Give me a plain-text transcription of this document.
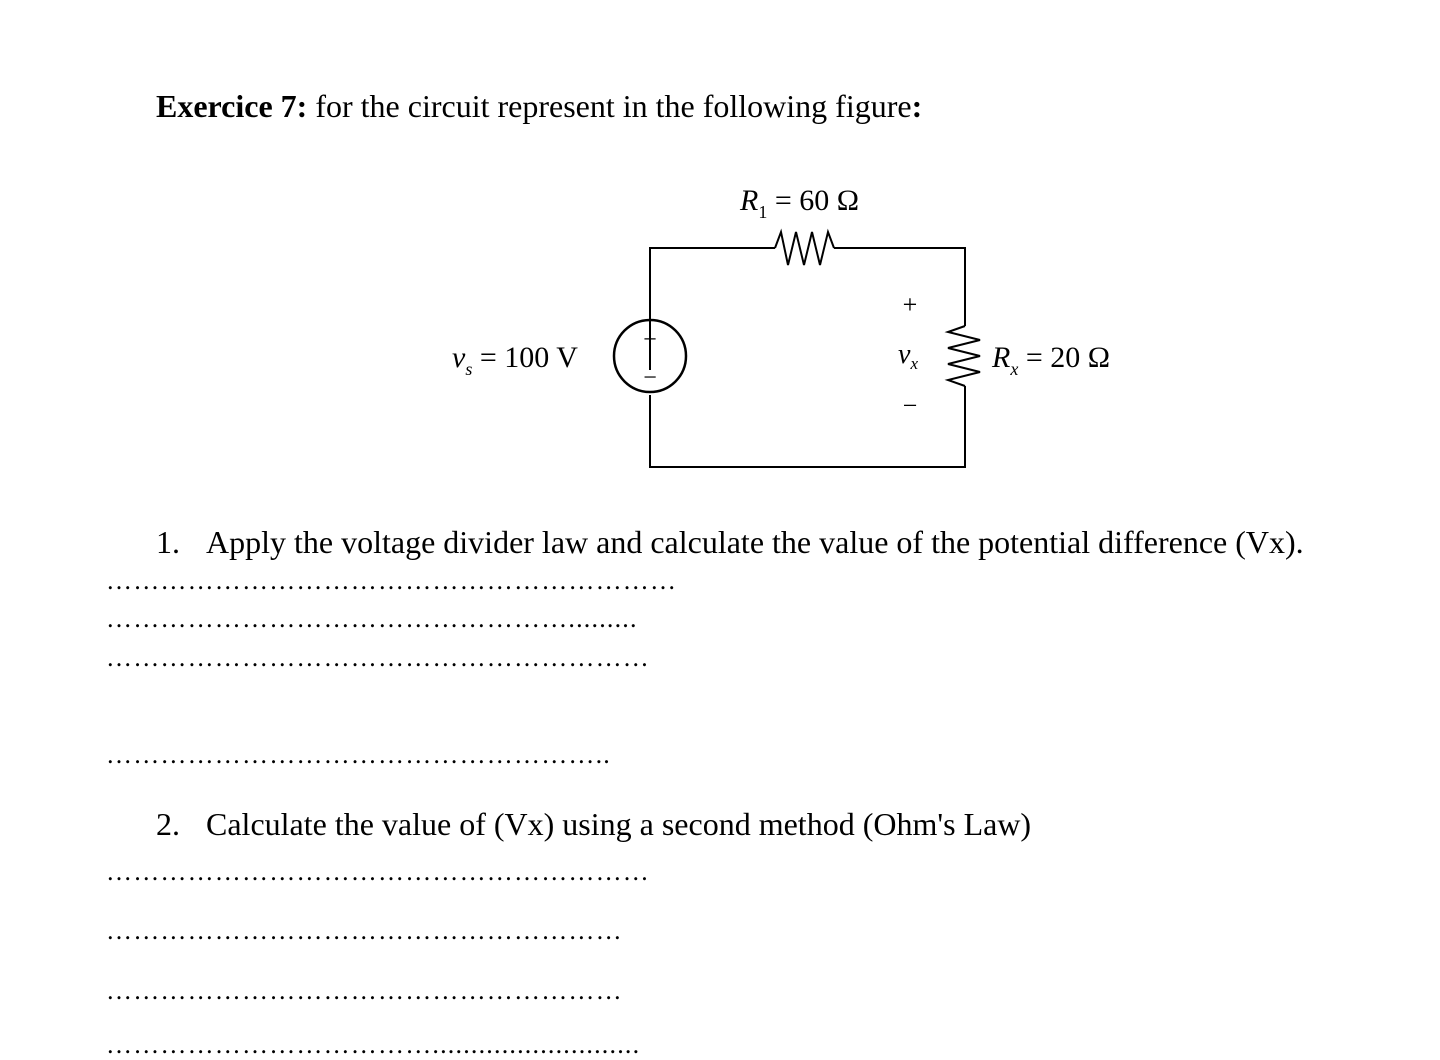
Exercice 7: for the circuit represent in the following figure:
$R_1 = 60$ Ω
$v_s = 100$ V
+
−
+
$v_x$
−
$R_x = 20$ Ω
1. Apply the voltage divider law and calculate the value of the potential difference (Vx).
………………………………………………………
…………………………………………….........
……………………………………………………
………………………………………………..
2. Calculate the value of (Vx) using a second method (Ohm's Law)
……………………………………………………
…………………………………………………
…………………………………………………
………………………………...........................
